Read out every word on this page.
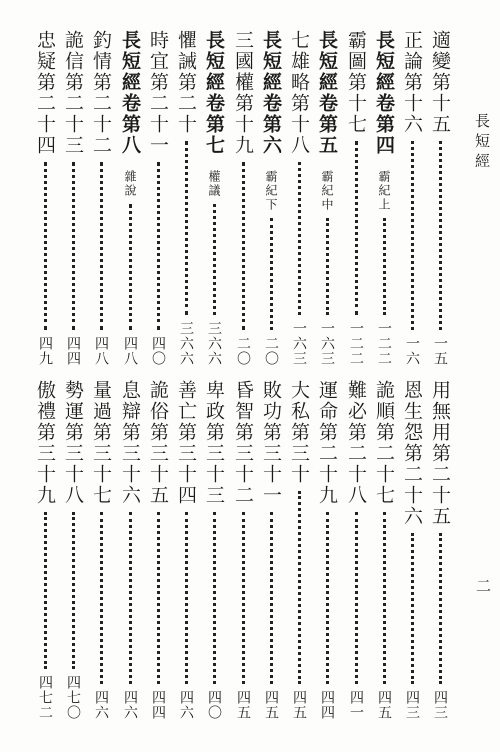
長短經
二
適變第十五
一五
正論第十六
一六
長短經卷第四
霸紀上
一二二
霸圖第十七
一二二
長短經卷第五
霸紀中
一六三
七雄略第十八
一六三
長短經卷第六
霸紀下
二〇
三國權第十九
二〇
長短經卷第七
權議
三六六
懼誡第二十
三六六
時宜第二十一
四〇
長短經卷第八
雜說
四八
釣情第二十二
四八
詭信第二十三
四四
忠疑第二十四
四九
用無用第二十五
四三
恩生怨第二十六
四三
詭順第二十七
四五
難必第二十八
四一
運命第二十九
四四
大私第三十
四五
敗功第三十一
四五
昏智第三十二
四五
卑政第三十三
四〇
善亡第三十四
四六
詭俗第三十五
四四
息辯第三十六
四六
量過第三十七
四六
勢運第三十八
四七〇
傲禮第三十九
四七二
